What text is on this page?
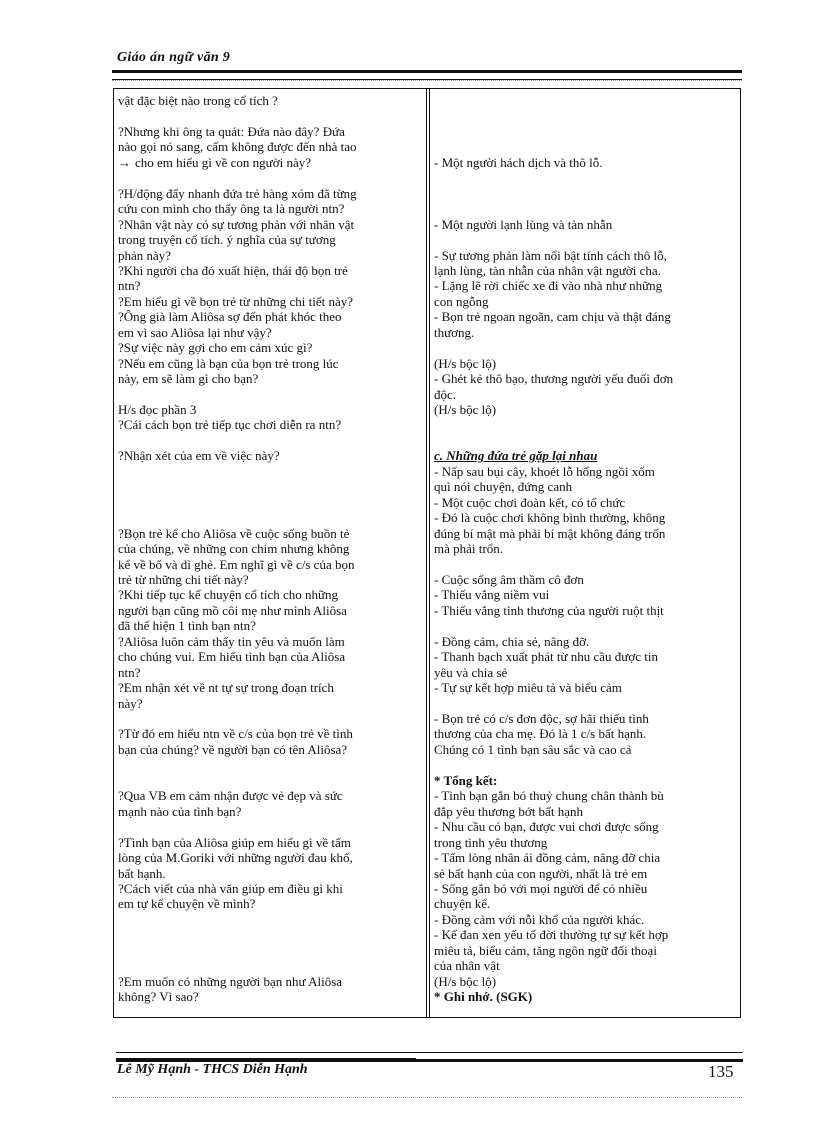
Giáo án ngữ văn 9
vật đặc biệt nào trong cổ tích ?
?Nhưng khi ông ta quát: Đứa nào đây? Đứa
nào gọi nó sang, cấm không được đến nhà tao
→ cho em hiểu gì về con người này?
?H/động đẩy nhanh đứa trẻ hàng xóm đã từng
cứu con mình cho thấy ông ta là người ntn?
?Nhân vật này có sự tương phản với nhân vật
trong truyện cổ tích. ý nghĩa của sự tương
phản này?
?Khi người cha đó xuất hiện, thái độ bọn trẻ
ntn?
?Em hiểu gì về bọn trẻ từ những chi tiết này?
?Ông già làm Aliôsa sợ đến phát khóc theo
em vì sao Aliôsa lại như vậy?
?Sự việc này gợi cho em cảm xúc gì?
?Nếu em cũng là bạn của bọn trẻ trong lúc
này, em sẽ làm gì cho bạn?
H/s đọc phần 3
?Cái cách bọn trẻ tiếp tục chơi diễn ra ntn?
?Nhận xét của em về việc này?
?Bọn trẻ kể cho Aliôsa về cuộc sống buồn tẻ
của chúng, về những con chim nhưng không
kể về bố và dì ghẻ. Em nghĩ gì về c/s của bọn
trẻ từ những chi tiết này?
?Khi tiếp tục kể chuyện cổ tích cho những
người bạn cũng mồ côi mẹ như mình Aliôsa
đã thể hiện 1 tình bạn ntn?
?Aliôsa luôn cảm thấy tin yêu và muốn làm
cho chúng vui. Em hiểu tình bạn của Aliôsa
ntn?
?Em nhận xét về nt tự sự trong đoạn trích
này?
?Từ đó em hiểu ntn về c/s của bọn trẻ về tình
bạn của chúng? về người bạn có tên Aliôsa?
?Qua VB em cảm nhận được vẻ đẹp và sức
mạnh nào của tình bạn?
?Tình bạn của Aliôsa giúp em hiểu gì về tấm
lòng của M.Goriki với những người đau khổ,
bất hạnh.
?Cách viết của nhà văn giúp em điều gì khi
em tự kể chuyện về mình?
?Em muốn có những người bạn như Aliôsa
không? Vì sao?
- Một người hách dịch và thô lỗ.
- Một người lạnh lùng và tàn nhẫn
- Sự tương phản làm nổi bật tính cách thô lỗ,
lạnh lùng, tàn nhẫn của nhân vật người cha.
- Lặng lẽ rời chiếc xe đi vào nhà như những
con ngỗng
- Bọn trẻ ngoan ngoãn, cam chịu và thật đáng
thương.
(H/s bộc lộ)
- Ghét kẻ thô bạo, thương người yếu đuối đơn
độc.
(H/s bộc lộ)
c. Những đứa trẻ gặp lại nhau
- Nấp sau bụi cây, khoét lỗ hổng ngồi xổm
quì nói chuyện, đứng canh
- Một cuộc chơi đoàn kết, có tổ chức
- Đó là cuộc chơi không bình thường, không
đúng bí mật mà phải bí mật không đáng trốn
mà phải trốn.
- Cuộc sống âm thầm cô đơn
- Thiếu vắng niềm vui
- Thiếu vắng tình thương của người ruột thịt
- Đồng cảm, chia sẻ, nâng đỡ.
- Thanh bạch xuất phát từ nhu cầu được tin
yêu và chia sẻ
- Tự sự kết hợp miêu tả và biểu cảm
- Bọn trẻ có c/s đơn độc, sợ hãi thiếu tình
thương của cha mẹ. Đó là 1 c/s bất hạnh.
Chúng có 1 tình bạn sâu sắc và cao cả
* Tổng kết:
- Tình bạn gắn bó thuỷ chung chân thành bù
đắp yêu thương bớt bất hạnh
- Nhu cầu có bạn, được vui chơi được sống
trong tình yêu thương
- Tấm lòng nhân ái đồng cảm, nâng đỡ chia
sẻ bất hạnh của con người, nhất là trẻ em
- Sống gắn bó với mọi người để có nhiều
chuyện kể.
- Đồng cảm với nỗi khổ của người khác.
- Kể đan xen yếu tố đời thường tự sự kết hợp
miêu tả, biểu cảm, tăng ngôn ngữ đối thoại
của nhân vật
(H/s bộc lộ)
* Ghi nhớ. (SGK)
Lê Mỹ Hạnh - THCS Diễn Hạnh	135
